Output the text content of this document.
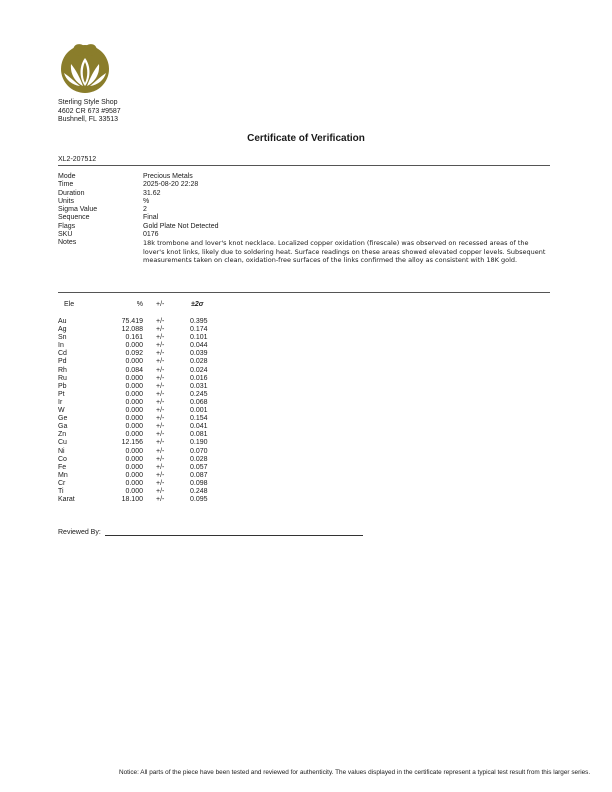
Sterling Style Shop
4602 CR 673 #9587
Bushnell, FL 33513
Certificate of Verification
XL2-207512
Mode	Precious Metals
Time	2025-08-20 22:28
Duration	31.62
Units	%
Sigma Value	2
Sequence	Final
Flags	Gold Plate Not Detected
SKU	0176
Notes	18k trombone and lover's knot necklace. Localized copper oxidation (firescale) was observed on recessed areas of the lover's knot links, likely due to soldering heat. Surface readings on these areas showed elevated copper levels. Subsequent measurements taken on clean, oxidation-free surfaces of the links confirmed the alloy as consistent with 18K gold.
Ele	%	+/-	±2σ
Au	75.419	+/-	0.395
Ag	12.088	+/-	0.174
Sn	0.161	+/-	0.101
In	0.000	+/-	0.044
Cd	0.092	+/-	0.039
Pd	0.000	+/-	0.028
Rh	0.084	+/-	0.024
Ru	0.000	+/-	0.016
Pb	0.000	+/-	0.031
Pt	0.000	+/-	0.245
Ir	0.000	+/-	0.068
W	0.000	+/-	0.001
Ge	0.000	+/-	0.154
Ga	0.000	+/-	0.041
Zn	0.000	+/-	0.081
Cu	12.156	+/-	0.190
Ni	0.000	+/-	0.070
Co	0.000	+/-	0.028
Fe	0.000	+/-	0.057
Mn	0.000	+/-	0.087
Cr	0.000	+/-	0.098
Ti	0.000	+/-	0.248
Karat	18.100	+/-	0.095
Reviewed By:
Notice: All parts of the piece have been tested and reviewed for authenticity. The values displayed in the certificate represent a typical test result from this larger series.
